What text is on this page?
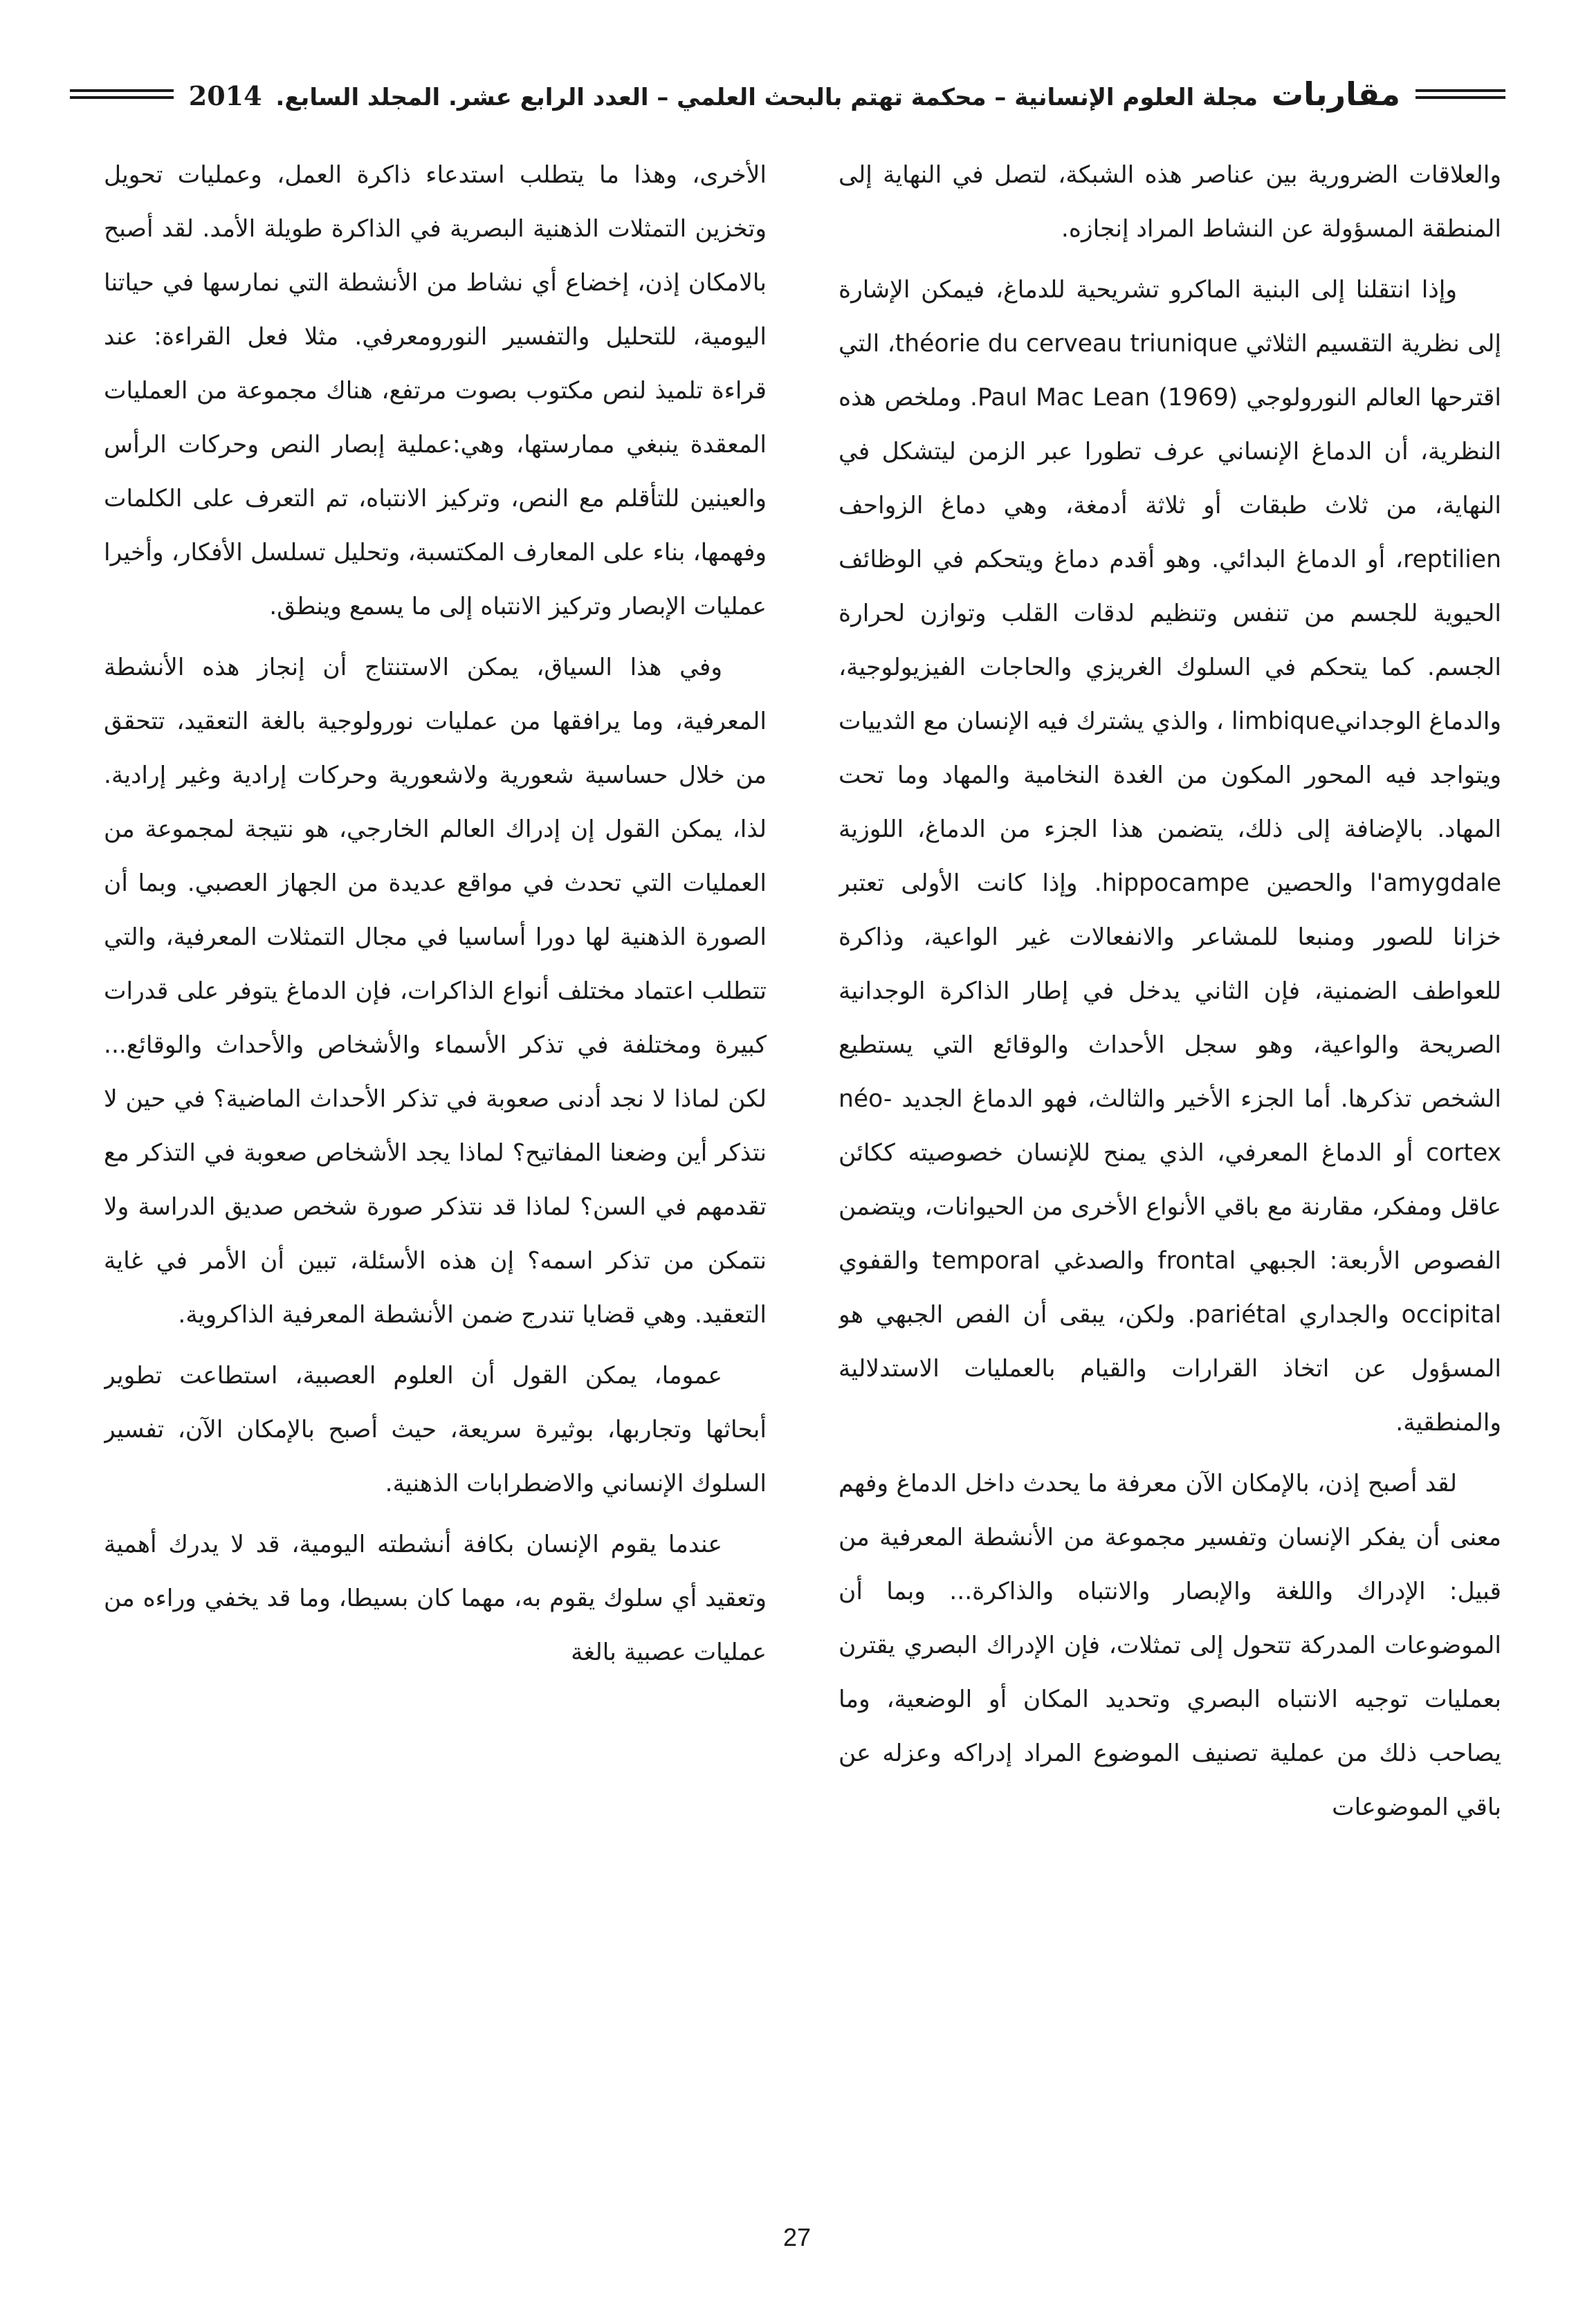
مقاربات مجلة العلوم الإنسانية – محكمة تهتم بالبحث العلمي – العدد الرابع عشر. المجلد السابع. 2014

والعلاقات الضرورية بين عناصر هذه الشبكة، لتصل في النهاية إلى المنطقة المسؤولة عن النشاط المراد إنجازه.

وإذا انتقلنا إلى البنية الماكرو تشريحية للدماغ، فيمكن الإشارة إلى نظرية التقسيم الثلاثي théorie du cerveau triunique، التي اقترحها العالم النورولوجي Paul Mac Lean (1969). وملخص هذه النظرية، أن الدماغ الإنساني عرف تطورا عبر الزمن ليتشكل في النهاية، من ثلاث طبقات أو ثلاثة أدمغة، وهي دماغ الزواحف reptilien، أو الدماغ البدائي. وهو أقدم دماغ ويتحكم في الوظائف الحيوية للجسم من تنفس وتنظيم لدقات القلب وتوازن لحرارة الجسم. كما يتحكم في السلوك الغريزي والحاجات الفيزيولوجية، والدماغ الوجدانيlimbique ، والذي يشترك فيه الإنسان مع الثدييات ويتواجد فيه المحور المكون من الغدة النخامية والمهاد وما تحت المهاد. بالإضافة إلى ذلك، يتضمن هذا الجزء من الدماغ، اللوزية l'amygdale والحصين hippocampe. وإذا كانت الأولى تعتبر خزانا للصور ومنبعا للمشاعر والانفعالات غير الواعية، وذاكرة للعواطف الضمنية، فإن الثاني يدخل في إطار الذاكرة الوجدانية الصريحة والواعية، وهو سجل الأحداث والوقائع التي يستطيع الشخص تذكرها. أما الجزء الأخير والثالث، فهو الدماغ الجديد néo-cortex أو الدماغ المعرفي، الذي يمنح للإنسان خصوصيته ككائن عاقل ومفكر، مقارنة مع باقي الأنواع الأخرى من الحيوانات، ويتضمن الفصوص الأربعة: الجبهي frontal والصدغي temporal والقفوي occipital والجداري pariétal. ولكن، يبقى أن الفص الجبهي هو المسؤول عن اتخاذ القرارات والقيام بالعمليات الاستدلالية والمنطقية.

لقد أصبح إذن، بالإمكان الآن معرفة ما يحدث داخل الدماغ وفهم معنى أن يفكر الإنسان وتفسير مجموعة من الأنشطة المعرفية من قبيل: الإدراك واللغة والإبصار والانتباه والذاكرة... وبما أن الموضوعات المدركة تتحول إلى تمثلات، فإن الإدراك البصري يقترن بعمليات توجيه الانتباه البصري وتحديد المكان أو الوضعية، وما يصاحب ذلك من عملية تصنيف الموضوع المراد إدراكه وعزله عن باقي الموضوعات

الأخرى، وهذا ما يتطلب استدعاء ذاكرة العمل، وعمليات تحويل وتخزين التمثلات الذهنية البصرية في الذاكرة طويلة الأمد. لقد أصبح بالامكان إذن، إخضاع أي نشاط من الأنشطة التي نمارسها في حياتنا اليومية، للتحليل والتفسير النورومعرفي. مثلا فعل القراءة: عند قراءة تلميذ لنص مكتوب بصوت مرتفع، هناك مجموعة من العمليات المعقدة ينبغي ممارستها، وهي:عملية إبصار النص وحركات الرأس والعينين للتأقلم مع النص، وتركيز الانتباه، تم التعرف على الكلمات وفهمها، بناء على المعارف المكتسبة، وتحليل تسلسل الأفكار، وأخيرا عمليات الإبصار وتركيز الانتباه إلى ما يسمع وينطق.

وفي هذا السياق، يمكن الاستنتاج أن إنجاز هذه الأنشطة المعرفية، وما يرافقها من عمليات نورولوجية بالغة التعقيد، تتحقق من خلال حساسية شعورية ولاشعورية وحركات إرادية وغير إرادية. لذا، يمكن القول إن إدراك العالم الخارجي، هو نتيجة لمجموعة من العمليات التي تحدث في مواقع عديدة من الجهاز العصبي. وبما أن الصورة الذهنية لها دورا أساسيا في مجال التمثلات المعرفية، والتي تتطلب اعتماد مختلف أنواع الذاكرات، فإن الدماغ يتوفر على قدرات كبيرة ومختلفة في تذكر الأسماء والأشخاص والأحداث والوقائع... لكن لماذا لا نجد أدنى صعوبة في تذكر الأحداث الماضية؟ في حين لا نتذكر أين وضعنا المفاتيح؟ لماذا يجد الأشخاص صعوبة في التذكر مع تقدمهم في السن؟ لماذا قد نتذكر صورة شخص صديق الدراسة ولا نتمكن من تذكر اسمه؟ إن هذه الأسئلة، تبين أن الأمر في غاية التعقيد. وهي قضايا تندرج ضمن الأنشطة المعرفية الذاكروية.

عموما، يمكن القول أن العلوم العصبية، استطاعت تطوير أبحاثها وتجاربها، بوثيرة سريعة، حيث أصبح بالإمكان الآن، تفسير السلوك الإنساني والاضطرابات الذهنية.

عندما يقوم الإنسان بكافة أنشطته اليومية، قد لا يدرك أهمية وتعقيد أي سلوك يقوم به، مهما كان بسيطا، وما قد يخفي وراءه من عمليات عصبية بالغة

27
